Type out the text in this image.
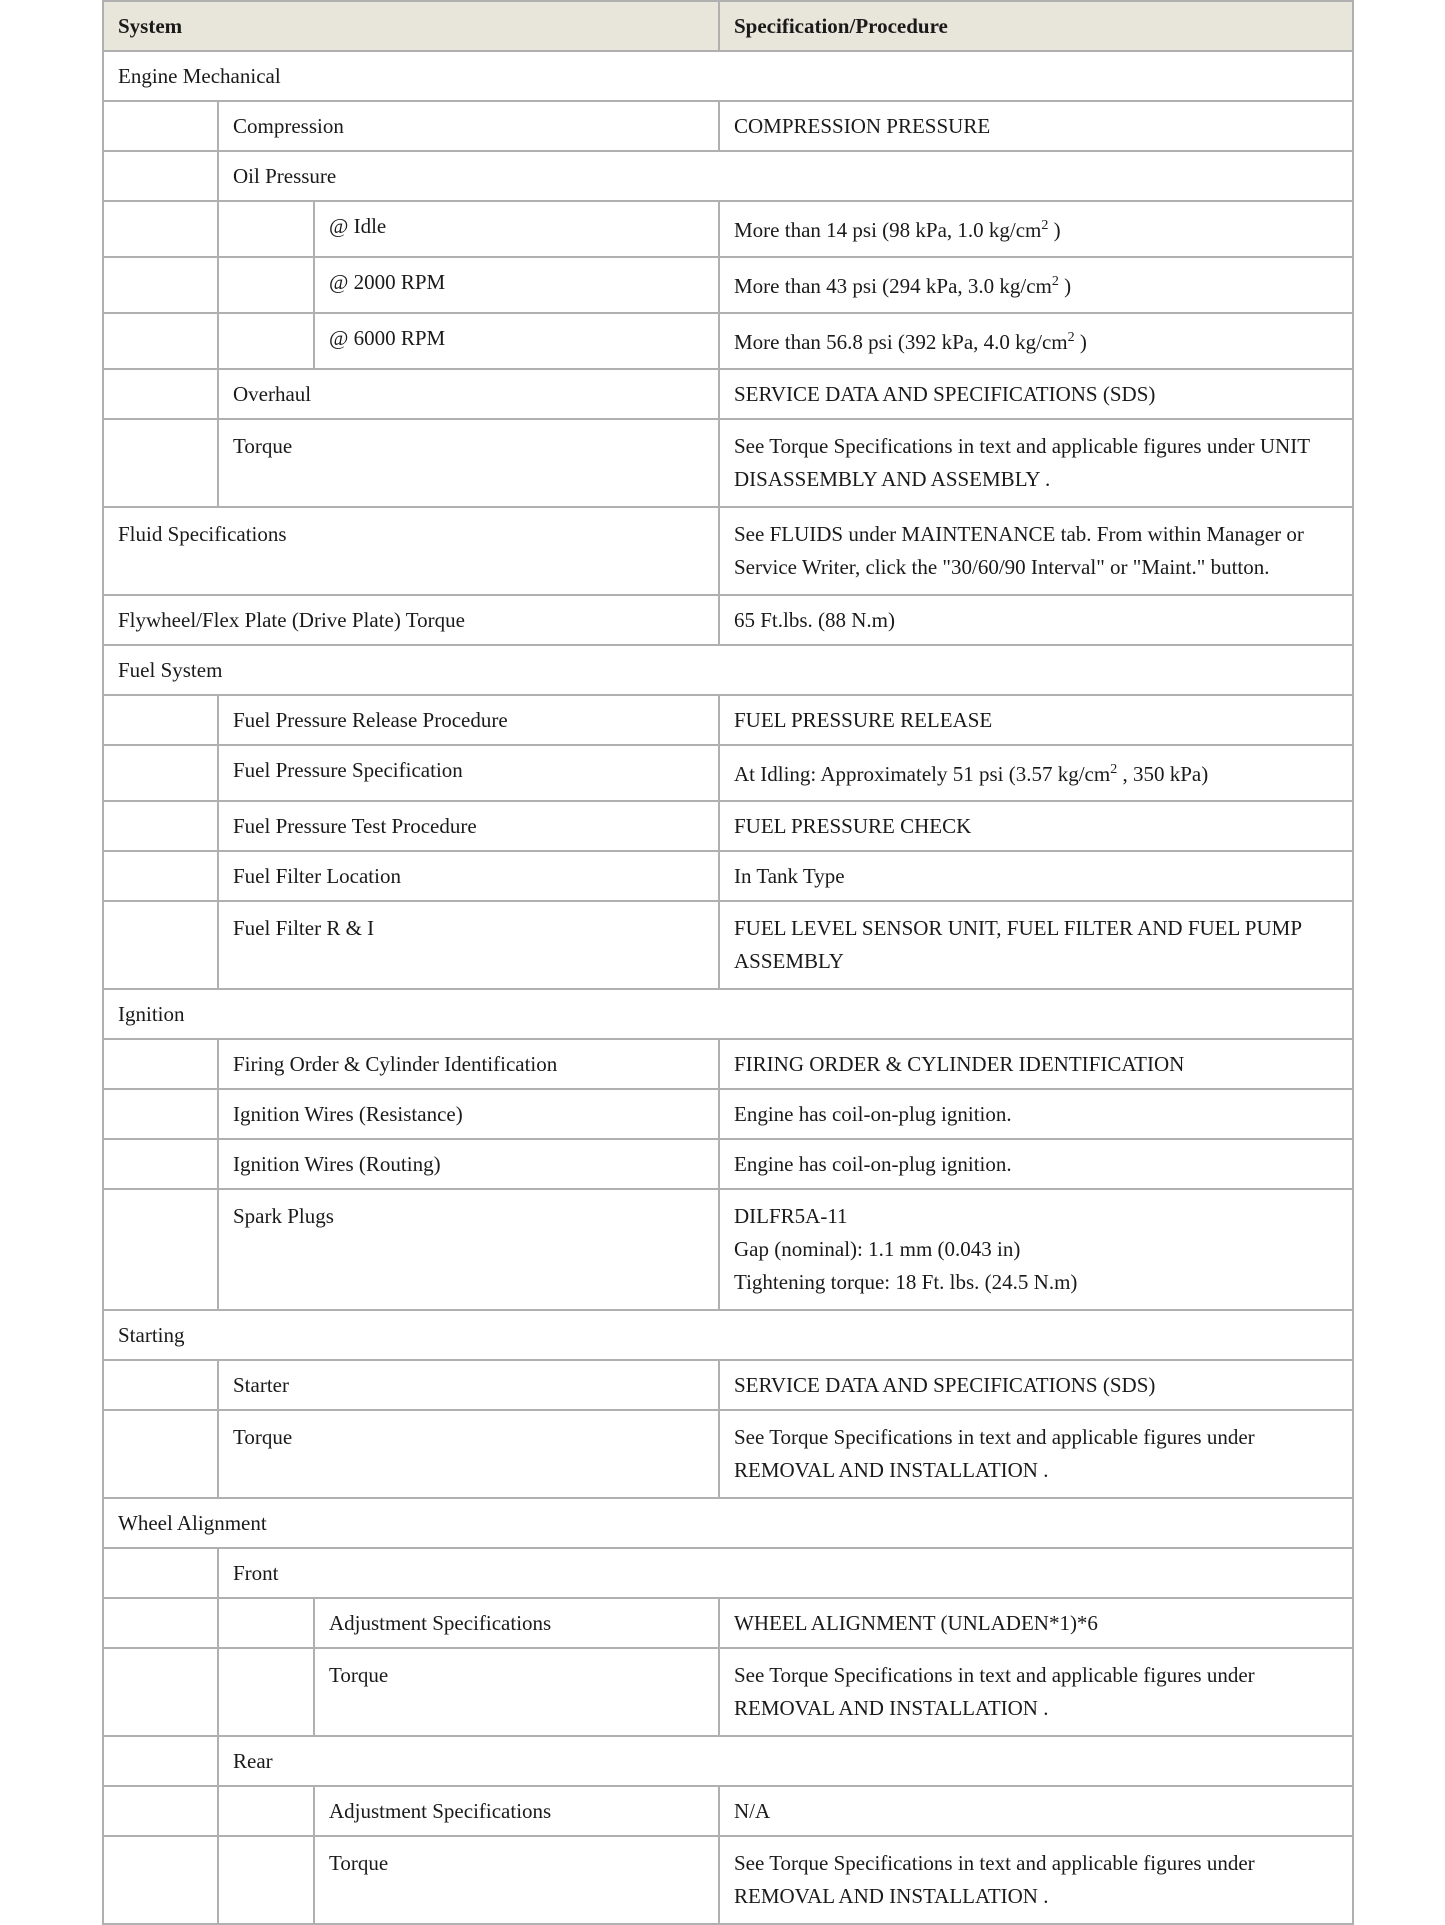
System			Specification/Procedure
Engine Mechanical			
	Compression		COMPRESSION PRESSURE
	Oil Pressure		
		@ Idle	More than 14 psi (98 kPa, 1.0 $kg/cm^2$ )
		@ 2000 RPM	More than 43 psi (294 kPa, 3.0 $kg/cm^2$ )
		@ 6000 RPM	More than 56.8 psi (392 kPa, 4.0 $kg/cm^2$ )
	Overhaul		SERVICE DATA AND SPECIFICATIONS (SDS)
	Torque		See Torque Specifications in text and applicable figures under UNIT DISASSEMBLY AND ASSEMBLY .
Fluid Specifications			See FLUIDS under MAINTENANCE tab. From within Manager or Service Writer, click the "30/60/90 Interval" or "Maint." button.
Flywheel/Flex Plate (Drive Plate) Torque			65 Ft.lbs. (88 N.m)
Fuel System			
	Fuel Pressure Release Procedure		FUEL PRESSURE RELEASE
	Fuel Pressure Specification		At Idling: Approximately 51 psi (3.57 $kg/cm^2$ , 350 kPa)
	Fuel Pressure Test Procedure		FUEL PRESSURE CHECK
	Fuel Filter Location		In Tank Type
	Fuel Filter R & I		FUEL LEVEL SENSOR UNIT, FUEL FILTER AND FUEL PUMP ASSEMBLY
Ignition			
	Firing Order & Cylinder Identification		FIRING ORDER & CYLINDER IDENTIFICATION
	Ignition Wires (Resistance)		Engine has coil-on-plug ignition.
	Ignition Wires (Routing)		Engine has coil-on-plug ignition.
	Spark Plugs		DILFR5A-11
Gap (nominal): 1.1 mm (0.043 in)
Tightening torque: 18 Ft. lbs. (24.5 N.m)

Starting			
	Starter		SERVICE DATA AND SPECIFICATIONS (SDS)
	Torque		See Torque Specifications in text and applicable figures under REMOVAL AND INSTALLATION .
Wheel Alignment			
	Front		
		Adjustment Specifications	WHEEL ALIGNMENT (UNLADEN*1)*6
		Torque	See Torque Specifications in text and applicable figures under REMOVAL AND INSTALLATION .
	Rear		
		Adjustment Specifications	N/A
		Torque	See Torque Specifications in text and applicable figures under REMOVAL AND INSTALLATION .
